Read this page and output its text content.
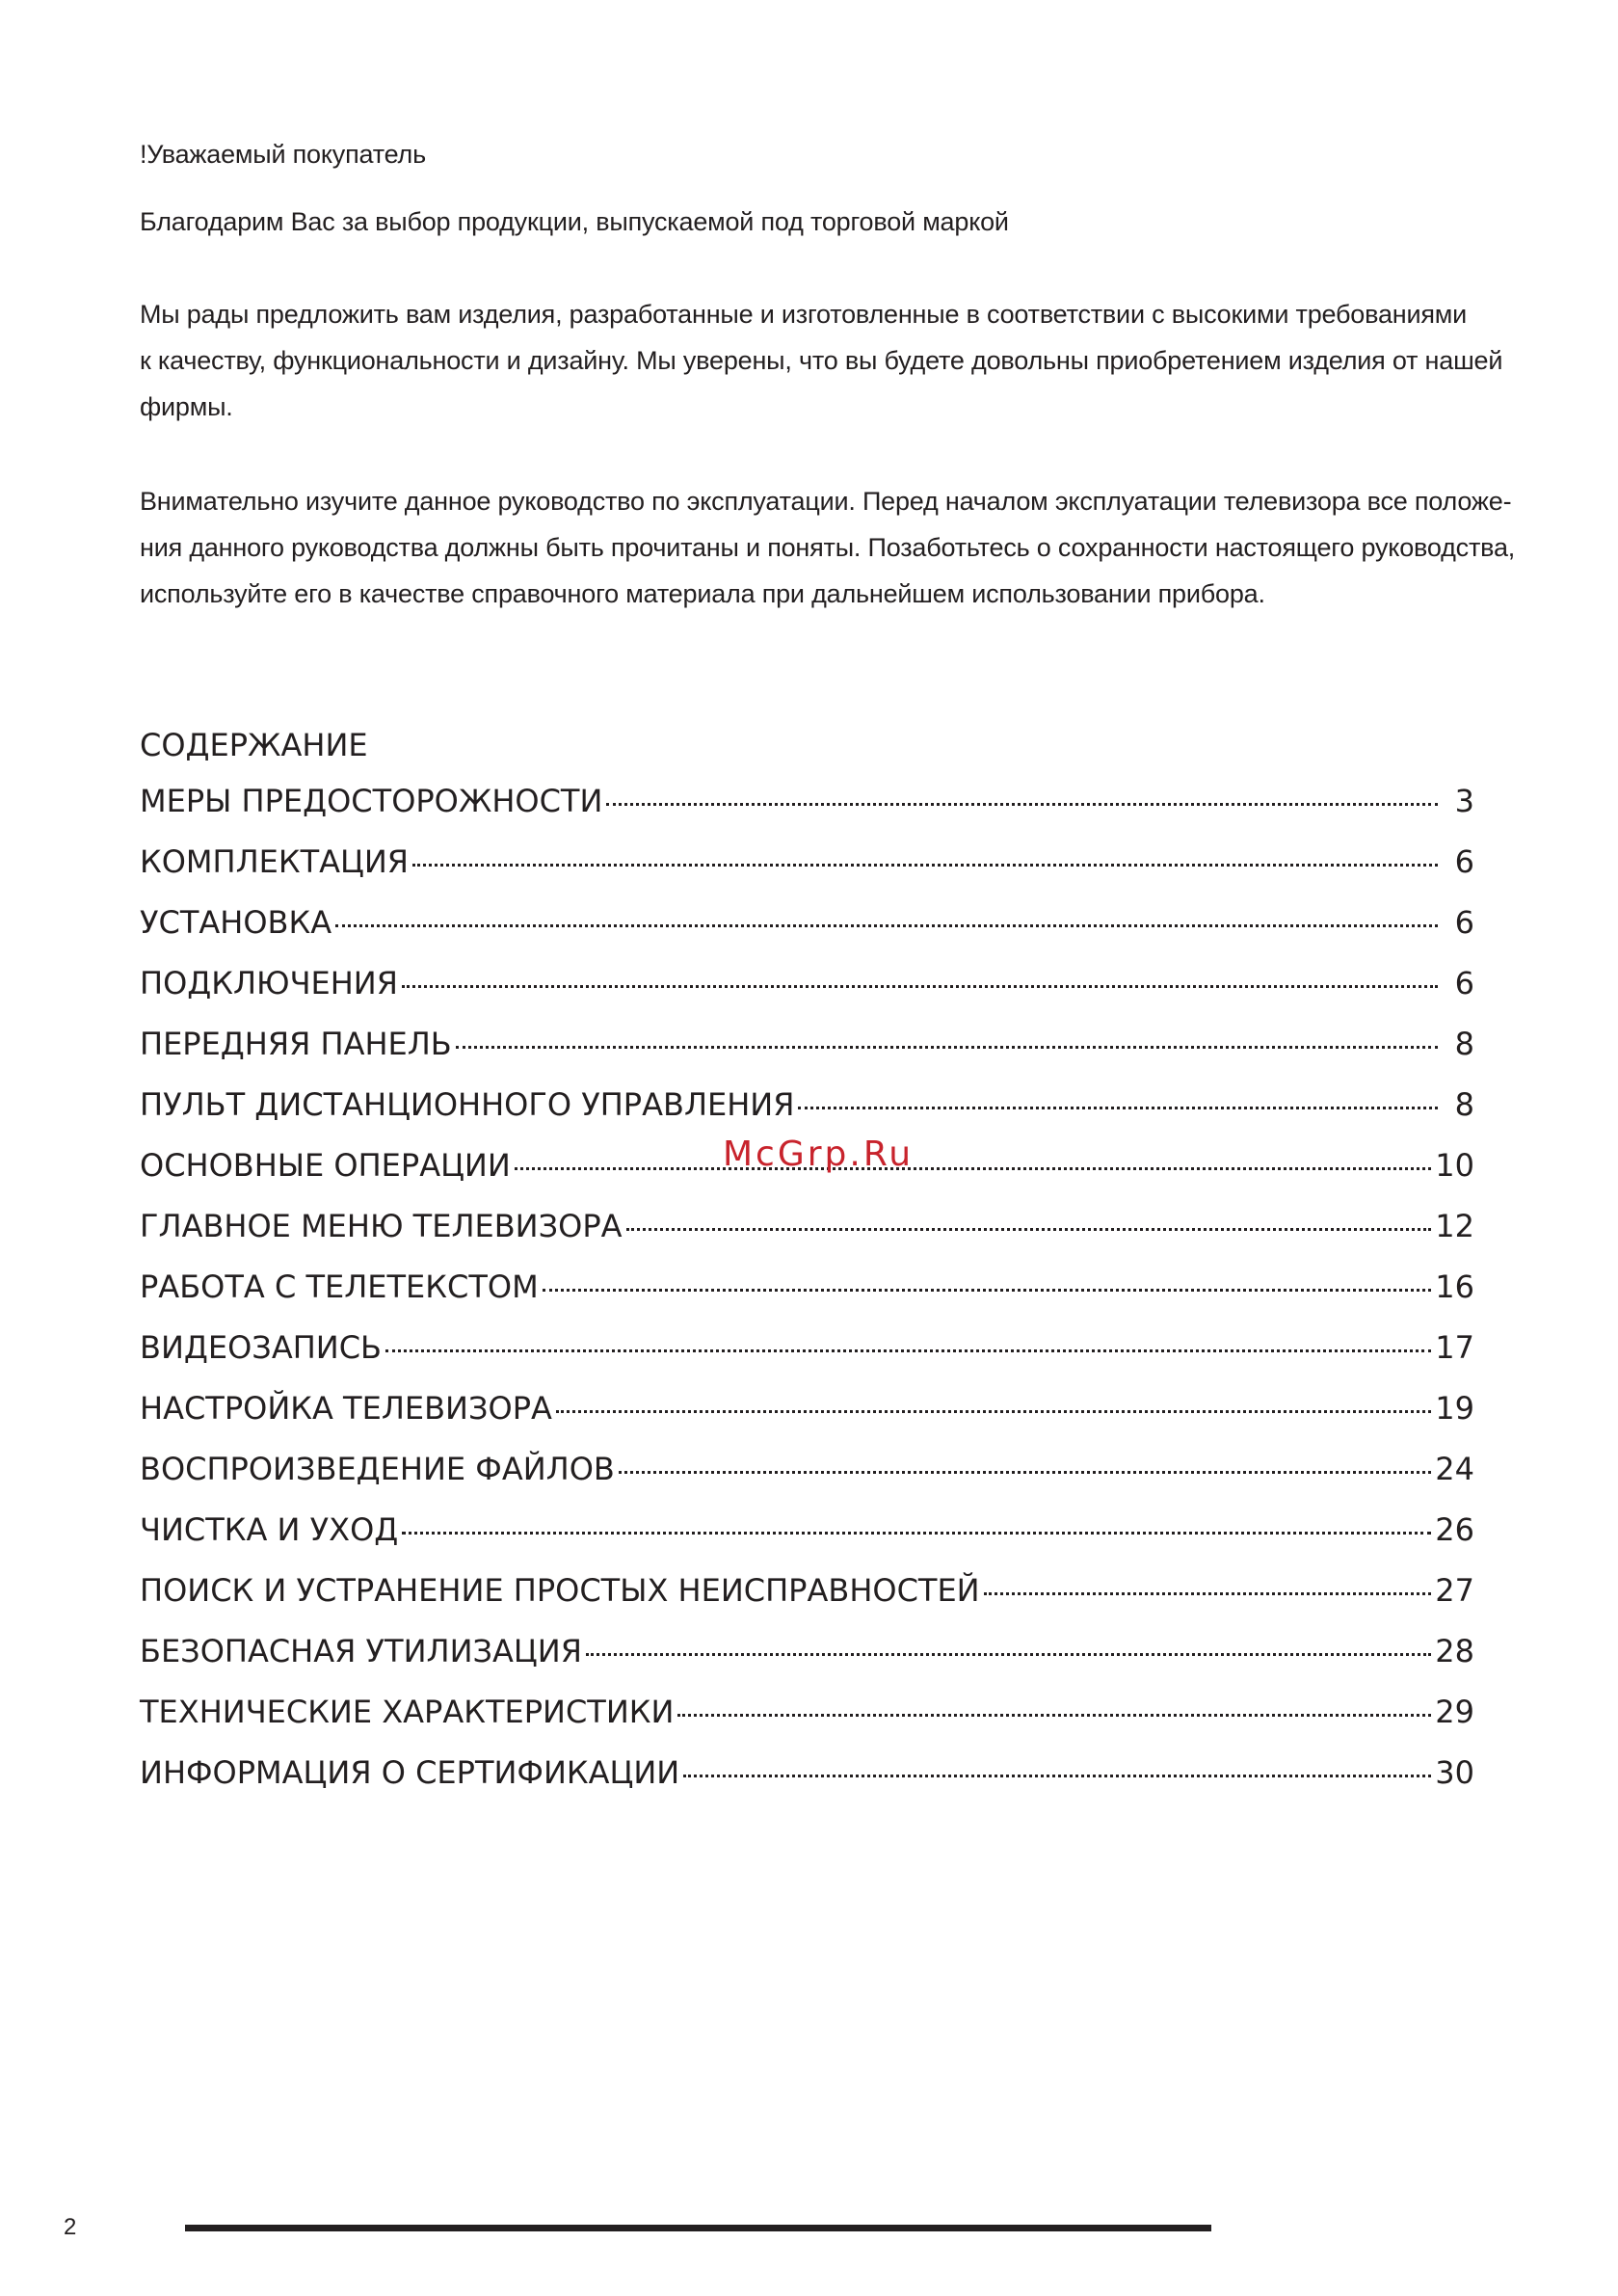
!Уважаемый покупатель

Благодарим Вас за выбор продукции, выпускаемой под торговой маркой

Мы рады предложить вам изделия, разработанные и изготовленные в соответствии с высокими требованиями
к качеству, функциональности и дизайну. Мы уверены, что вы будете довольны приобретением изделия от нашей
фирмы.

Внимательно изучите данное руководство по эксплуатации. Перед началом эксплуатации телевизора все положе-
ния данного руководства должны быть прочитаны и поняты. Позаботьтесь о сохранности настоящего руководства,
используйте его в качестве справочного материала при дальнейшем использовании прибора.

СОДЕРЖАНИЕ
МЕРЫ ПРЕДОСТОРОЖНОСТИ	3
КОМПЛЕКТАЦИЯ	6
УСТАНОВКА	6
ПОДКЛЮЧЕНИЯ	6
ПЕРЕДНЯЯ ПАНЕЛЬ	8
ПУЛЬТ ДИСТАНЦИОННОГО УПРАВЛЕНИЯ	8
ОСНОВНЫЕ ОПЕРАЦИИ	10
ГЛАВНОЕ МЕНЮ ТЕЛЕВИЗОРА	12
РАБОТА С ТЕЛЕТЕКСТОМ	16
ВИДЕОЗАПИСЬ	17
НАСТРОЙКА ТЕЛЕВИЗОРА	19
ВОСПРОИЗВЕДЕНИЕ ФАЙЛОВ	24
ЧИСТКА И УХОД	26
ПОИСК И УСТРАНЕНИЕ ПРОСТЫХ НЕИСПРАВНОСТЕЙ	27
БЕЗОПАСНАЯ УТИЛИЗАЦИЯ	28
ТЕХНИЧЕСКИЕ ХАРАКТЕРИСТИКИ	29
ИНФОРМАЦИЯ О СЕРТИФИКАЦИИ	30
McGrp.Ru
2
